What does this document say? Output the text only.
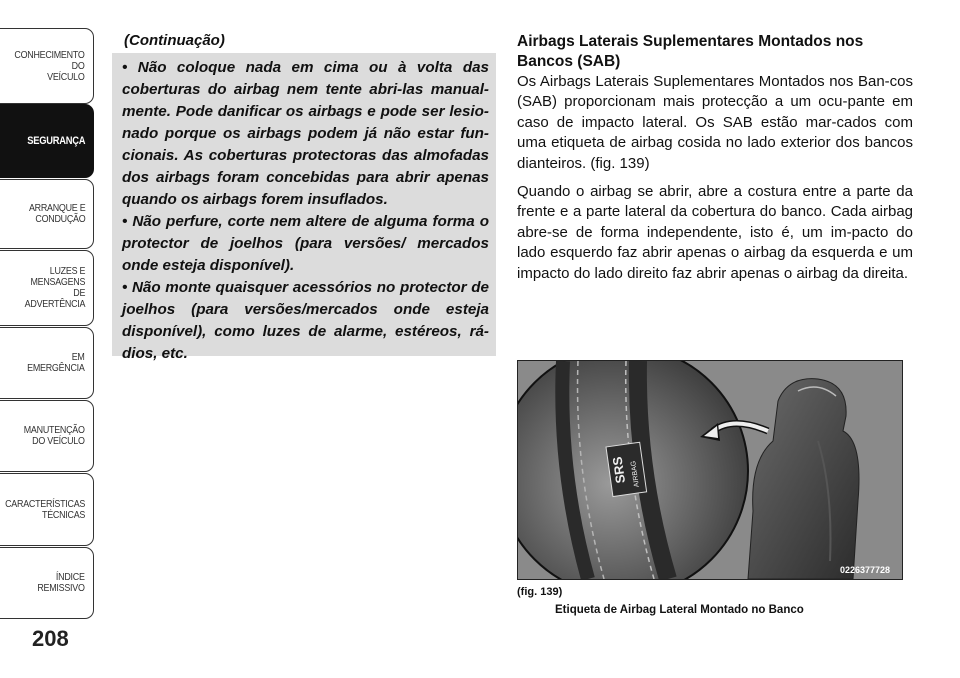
CONHECIMENTO
DO
VEÍCULO
SEGURANÇA
ARRANQUE E
CONDUÇÃO
LUZES E
MENSAGENS
DE
ADVERTÊNCIA
EM
EMERGÊNCIA
MANUTENÇÃO
DO VEÍCULO
CARACTERÍSTICAS
TÉCNICAS
ÍNDICE
REMISSIVO
208
(Continuação)

• Não coloque nada em cima ou à volta das coberturas do airbag nem tente abri-las manual-mente. Pode danificar os airbags e pode ser lesio-nado porque os airbags podem já não estar fun-cionais. As coberturas protectoras das almofadas dos airbags foram concebidas para abrir apenas quando os airbags forem insuflados.

• Não perfure, corte nem altere de alguma forma o protector de joelhos (para versões/ mercados onde esteja disponível).

• Não monte quaisquer acessórios no protector de joelhos (para versões/mercados onde esteja disponível), como luzes de alarme, estéreos, rá-dios, etc.

Airbags Laterais Suplementares Montados nos Bancos (SAB)

Os Airbags Laterais Suplementares Montados nos Ban-cos (SAB) proporcionam mais protecção a um ocu-pante em caso de impacto lateral. Os SAB estão mar-cados com uma etiqueta de airbag cosida no lado exterior dos bancos dianteiros. (fig. 139)

Quando o airbag se abrir, abre a costura entre a parte da frente e a parte lateral da cobertura do banco. Cada airbag abre-se de forma independente, isto é, um im-pacto do lado esquerdo faz abrir apenas o airbag da esquerda e um impacto do lado direito faz abrir apenas o airbag da direita.

SRS AIRBAG
0226377728
(fig. 139)
Etiqueta de Airbag Lateral Montado no Banco
